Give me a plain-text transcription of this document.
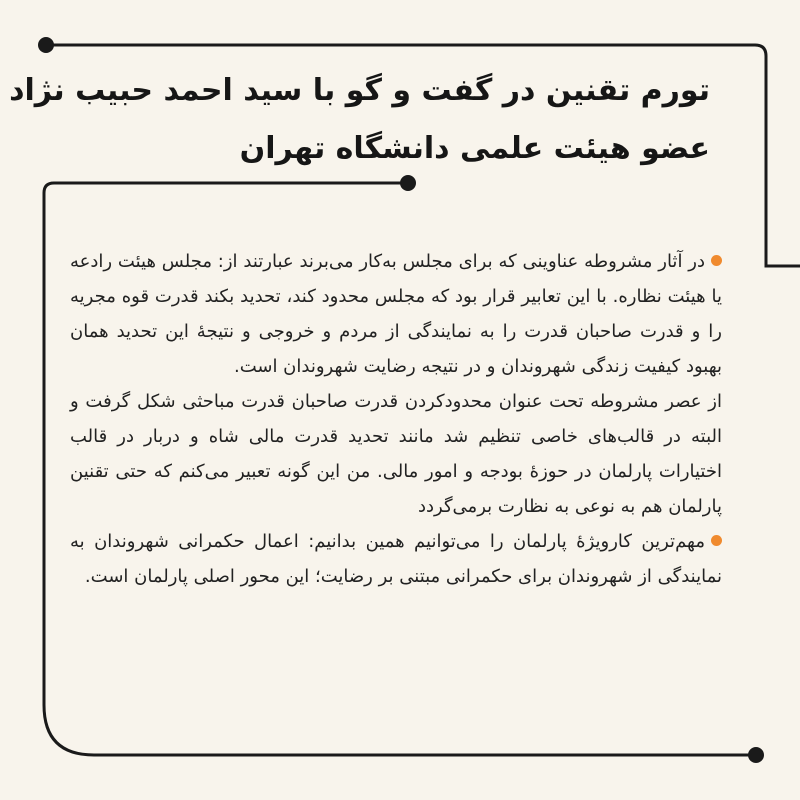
تورم تقنین در گفت و گو با سید احمد حبیب نژاد
عضو هیئت علمی دانشگاه تهران

در آثار مشروطه عناوینی که برای مجلس به‌کار می‌برند عبارتند از: مجلس هیئت رادعه یا هیئت نظاره. با این تعابیر قرار بود که مجلس محدود کند، تحدید بکند قدرت قوه مجریه را و قدرت صاحبان قدرت را به نمایندگی از مردم و خروجی و نتیجۀ این تحدید همان بهبود کیفیت زندگی شهروندان و در نتیجه رضایت شهروندان است.

از عصر مشروطه تحت عنوان محدودکردن قدرت صاحبان قدرت مباحثی شکل گرفت و البته در قالب‌های خاصی تنظیم شد مانند تحدید قدرت مالی شاه و دربار در قالب اختیارات پارلمان در حوزۀ بودجه و امور مالی. من این گونه تعبیر می‌کنم که حتی تقنین پارلمان هم به نوعی به نظارت برمی‌گردد

مهم‌ترین کارویژۀ پارلمان را می‌توانیم همین بدانیم: اعمال حکمرانی شهروندان به نمایندگی از شهروندان برای حکمرانی مبتنی بر رضایت؛ این محور اصلی پارلمان است.
